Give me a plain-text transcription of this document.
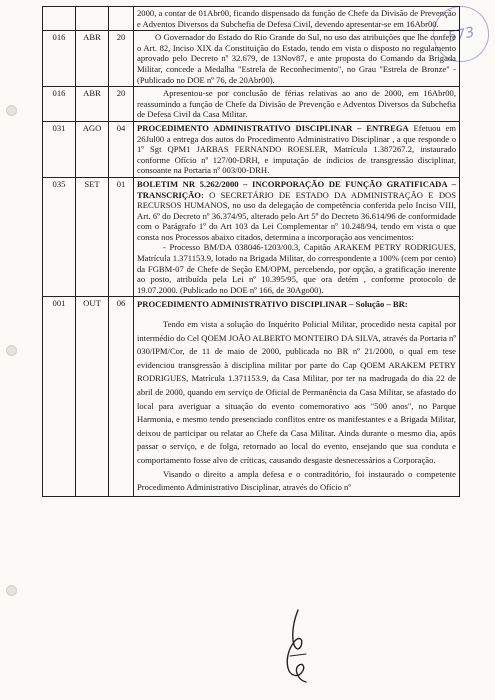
573

			2000, a contar de 01Abr00, ficando dispensado da função de Chefe da Divisão de Prevenção e Adventos Diversos da Subchefia de Defesa Civil, devendo apresentar-se em 16Abr00.

016	ABR	20	O Governador do Estado do Rio Grande do Sul, no uso das atribuições que lhe confere o Art. 82, Inciso XIX da Constituição do Estado, tendo em vista o disposto no regulamento aprovado pelo Decreto nº 32.679, de 13Nov87, e ante proposta do Comando da Brigada Militar, concede a Medalha "Estrela de Reconhecimento", no Grau "Estrela de Bronze" - (Publicado no DOE nº 76, de 20Abr00).

016	ABR	20	Apresentou-se por conclusão de férias relativas ao ano de 2000, em 16Abr00, reassumindo a função de Chefe da Divisão de Prevenção e Adventos Diversos da Subchefia de Defesa Civil da Casa Militar.

031	AGO	04	PROCEDIMENTO ADMINISTRATIVO DISCIPLINAR – ENTREGA Efetuou em 26Jul00 a entrega dos autos do Procedimento Administrativo Disciplinar , a que responde o 1º Sgt QPM1 JARBAS FERNANDO ROESLER, Matrícula 1.387267.2, instaurado conforme Ofício nº 127/00-DRH, e imputação de indícios de transgressão disciplinar, consoante na Portaria nº 003/00-DRH.

035	SET	01	BOLETIM NR 5.262/2000 – INCORPORAÇÃO DE FUNÇÃO GRATIFICADA – TRANSCRIÇÃO: O SECRETÁRIO DE ESTADO DA ADMINISTRAÇÃO E DOS RECURSOS HUMANOS, no uso da delegação de competência conferida pelo Inciso VIII, Art. 6º do Decreto nº 36.374/95, alterado pelo Art 5º do Decreto 36.614/96 de conformidade com o Parágrafo 1º do Art 103 da Lei Complementar nº 10.248/94, tendo em vista o que consta nos Processos abaixo citados, determina a incorporação aos vencimentos:

- Processo BM/DA 038046-1203/00.3, Capitão ARAKEM PETRY RODRIGUES, Matrícula 1.371153.9, lotado na Brigada Militar, do correspondente a 100% (cem por cento) da FGBM-07 de Chefe de Seção EM/OPM, percebendo, por opção, a gratificação inerente ao posto, atribuída pela Lei nº 10.395/95, que ora detém , conforme protocolo de 19.07.2000. (Publicado no DOE nº 166, de 30Ago00).

001	OUT	06	PROCEDIMENTO ADMINISTRATIVO DISCIPLINAR – Solução – BR:

Tendo em vista a solução do Inquérito Policial Militar, procedido nesta capital por intermédio do Cel QOEM JOÃO ALBERTO MONTEIRO DA SILVA, através da Portaria nº 030/IPM/Cor, de 11 de maio de 2000, publicada no BR nº 21/2000, o qual em tese evidenciou transgressão à disciplina militar por parte do Cap QOEM ARAKEM PETRY RODRIGUES, Matrícula 1.371153.9, da Casa Militar, por ter na madrugada do dia 22 de abril de 2000, quando em serviço de Oficial de Permanência da Casa Militar, se afastado do local para averiguar a situação do evento comemorativo aos "500 anos", no Parque Harmonia, e mesmo tendo presenciado conflitos entre os manifestantes e a Brigada Militar, deixou de participar ou relatar ao Chefe da Casa Militar. Ainda durante o mesmo dia, após passar o serviço, e de folga, retornado ao local do evento, ensejando que sua conduta e comportamento fosse alvo de críticas, causando desgaste desnecessários a Corporação.

Visando o direito a ampla defesa e o contraditório, foi instaurado o competente Procedimento Administrativo Disciplinar, através do Ofício nº
